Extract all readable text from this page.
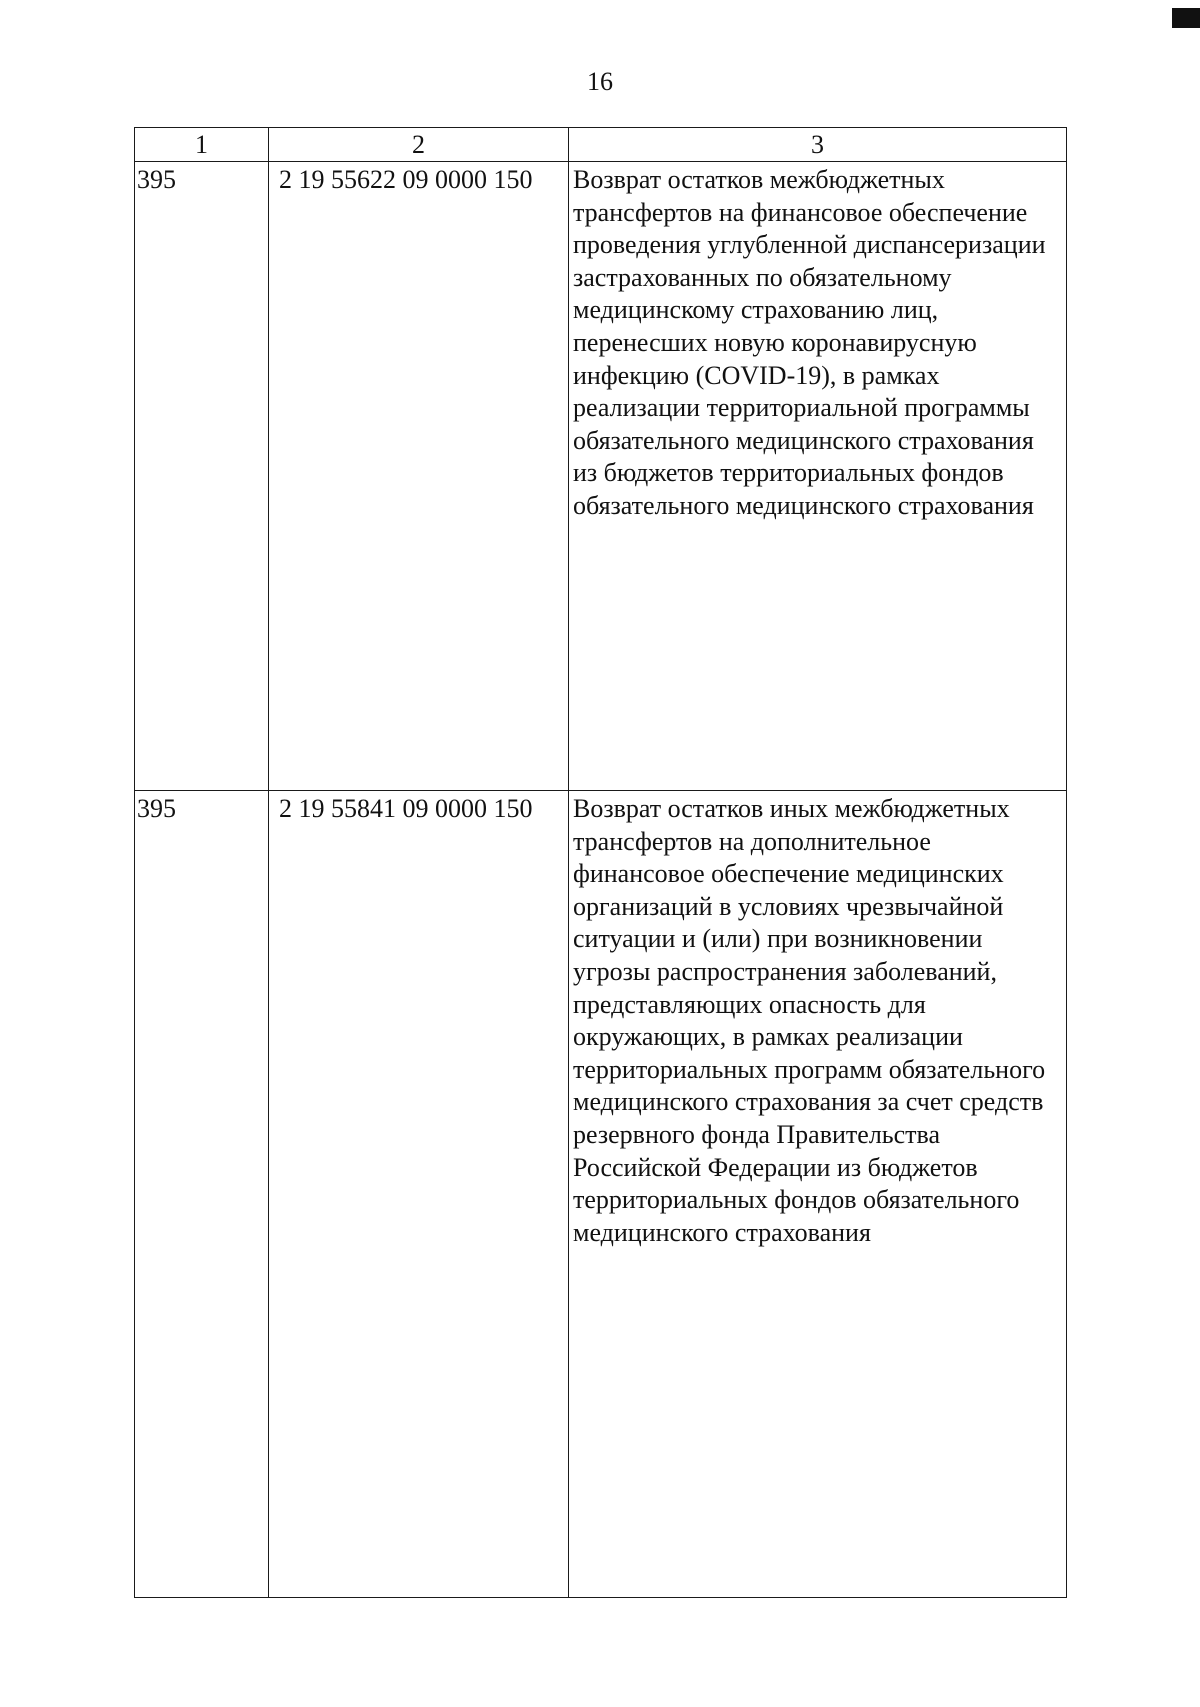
16
1	2	3
395	2 19 55622 09 0000 150	Возврат остатков межбюджетных трансфертов на финансовое обеспечение проведения углубленной диспансеризации застрахованных по обязательному медицинскому страхованию лиц, перенесших новую коронавирусную инфекцию (COVID-19), в рамках реализации территориальной программы обязательного медицинского страхования из бюджетов территориальных фондов обязательного медицинского страхования
395	2 19 55841 09 0000 150	Возврат остатков иных межбюджетных трансфертов на дополнительное финансовое обеспечение медицинских организаций в условиях чрезвычайной ситуации и (или) при возникновении угрозы распространения заболеваний, представляющих опасность для окружающих, в рамках реализации территориальных программ обязательного медицинского страхования за счет средств резервного фонда Правительства Российской Федерации из бюджетов территориальных фондов обязательного медицинского страхования
